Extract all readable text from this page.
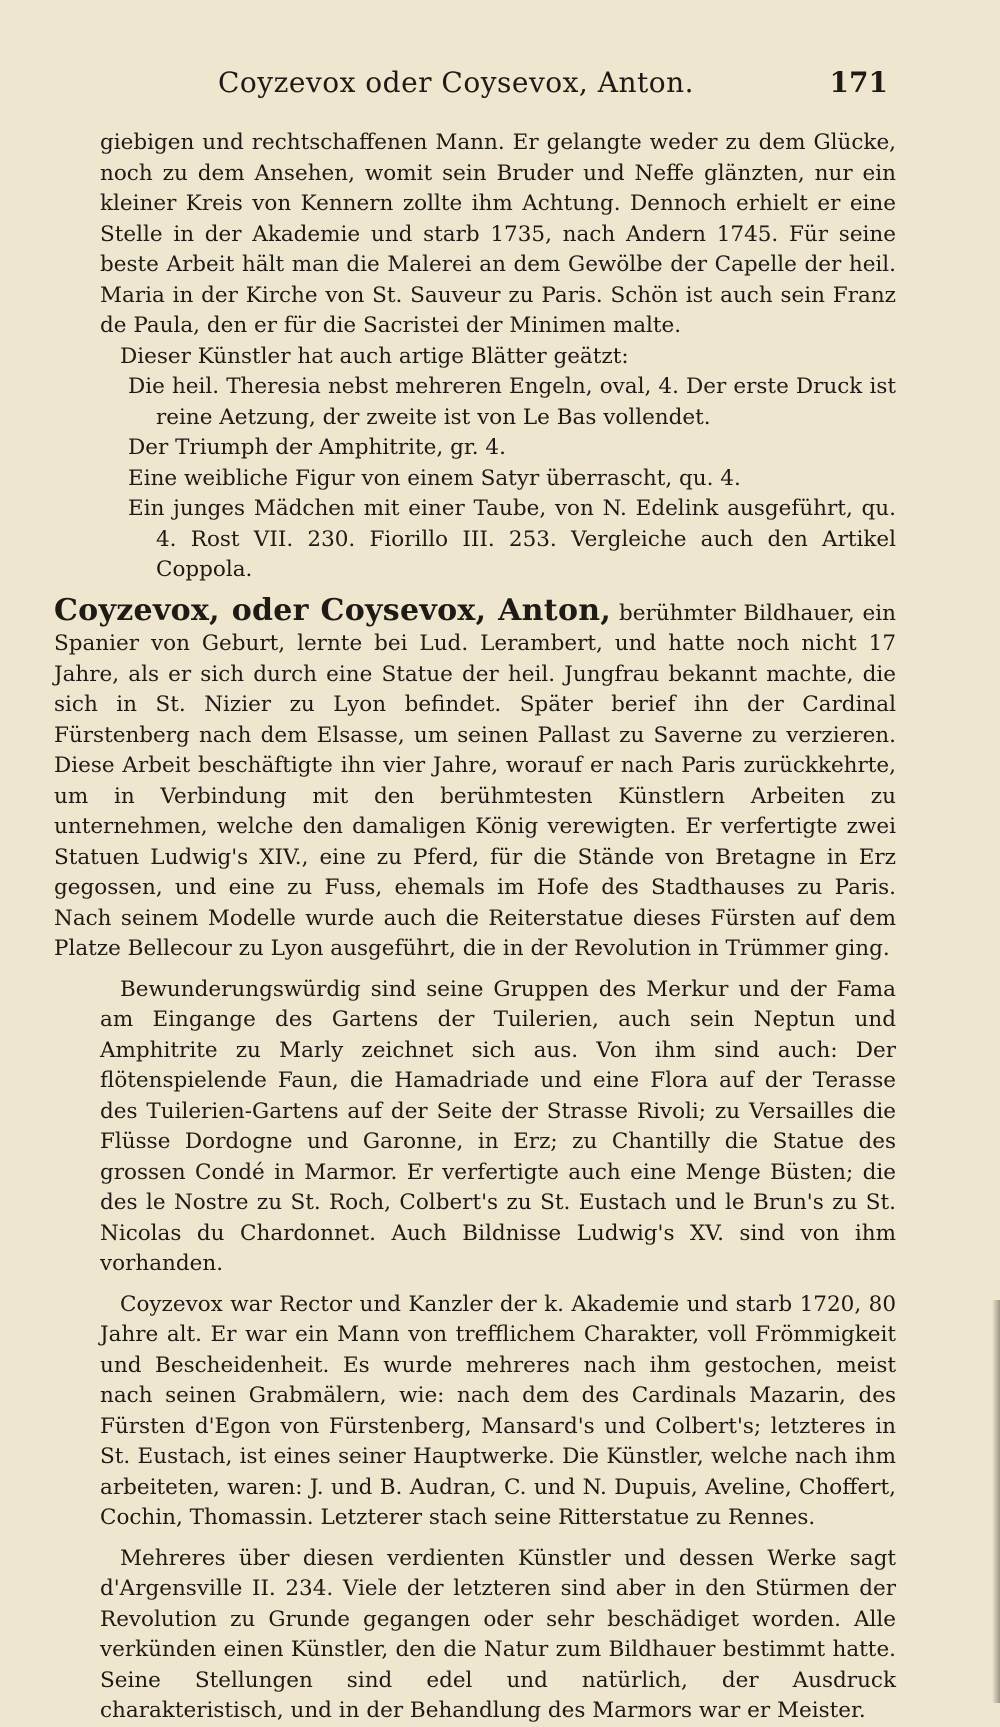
Coyzevox oder Coysevox, Anton.	171

giebigen und rechtschaffenen Mann. Er gelangte weder zu dem Glücke, noch zu dem Ansehen, womit sein Bruder und Neffe glänzten, nur ein kleiner Kreis von Kennern zollte ihm Achtung. Dennoch erhielt er eine Stelle in der Akademie und starb 1735, nach Andern 1745. Für seine beste Arbeit hält man die Malerei an dem Gewölbe der Capelle der heil. Maria in der Kirche von St. Sauveur zu Paris. Schön ist auch sein Franz de Paula, den er für die Sacristei der Minimen malte.

Dieser Künstler hat auch artige Blätter geätzt:

Die heil. Theresia nebst mehreren Engeln, oval, 4. Der erste Druck ist reine Aetzung, der zweite ist von Le Bas vollendet.

Der Triumph der Amphitrite, gr. 4.

Eine weibliche Figur von einem Satyr überrascht, qu. 4.

Ein junges Mädchen mit einer Taube, von N. Edelink ausgeführt, qu. 4. Rost VII. 230. Fiorillo III. 253. Vergleiche auch den Artikel Coppola.

Coyzevox, oder Coysevox, Anton, berühmter Bildhauer, ein Spanier von Geburt, lernte bei Lud. Lerambert, und hatte noch nicht 17 Jahre, als er sich durch eine Statue der heil. Jungfrau bekannt machte, die sich in St. Nizier zu Lyon befindet. Später berief ihn der Cardinal Fürstenberg nach dem Elsasse, um seinen Pallast zu Saverne zu verzieren. Diese Arbeit beschäftigte ihn vier Jahre, worauf er nach Paris zurückkehrte, um in Verbindung mit den berühmtesten Künstlern Arbeiten zu unternehmen, welche den damaligen König verewigten. Er verfertigte zwei Statuen Ludwig's XIV., eine zu Pferd, für die Stände von Bretagne in Erz gegossen, und eine zu Fuss, ehemals im Hofe des Stadthauses zu Paris. Nach seinem Modelle wurde auch die Reiterstatue dieses Fürsten auf dem Platze Bellecour zu Lyon ausgeführt, die in der Revolution in Trümmer ging.

Bewunderungswürdig sind seine Gruppen des Merkur und der Fama am Eingange des Gartens der Tuilerien, auch sein Neptun und Amphitrite zu Marly zeichnet sich aus. Von ihm sind auch: Der flötenspielende Faun, die Hamadriade und eine Flora auf der Terasse des Tuilerien-Gartens auf der Seite der Strasse Rivoli; zu Versailles die Flüsse Dordogne und Garonne, in Erz; zu Chantilly die Statue des grossen Condé in Marmor. Er verfertigte auch eine Menge Büsten; die des le Nostre zu St. Roch, Colbert's zu St. Eustach und le Brun's zu St. Nicolas du Chardonnet. Auch Bildnisse Ludwig's XV. sind von ihm vorhanden.

Coyzevox war Rector und Kanzler der k. Akademie und starb 1720, 80 Jahre alt. Er war ein Mann von trefflichem Charakter, voll Frömmigkeit und Bescheidenheit. Es wurde mehreres nach ihm gestochen, meist nach seinen Grabmälern, wie: nach dem des Cardinals Mazarin, des Fürsten d'Egon von Fürstenberg, Mansard's und Colbert's; letzteres in St. Eustach, ist eines seiner Hauptwerke. Die Künstler, welche nach ihm arbeiteten, waren: J. und B. Audran, C. und N. Dupuis, Aveline, Choffert, Cochin, Thomassin. Letzterer stach seine Ritterstatue zu Rennes.

Mehreres über diesen verdienten Künstler und dessen Werke sagt d'Argensville II. 234. Viele der letzteren sind aber in den Stürmen der Revolution zu Grunde gegangen oder sehr beschädiget worden. Alle verkünden einen Künstler, den die Natur zum Bildhauer bestimmt hatte. Seine Stellungen sind edel und natürlich, der Ausdruck charakteristisch, und in der Behandlung des Marmors war er Meister.
